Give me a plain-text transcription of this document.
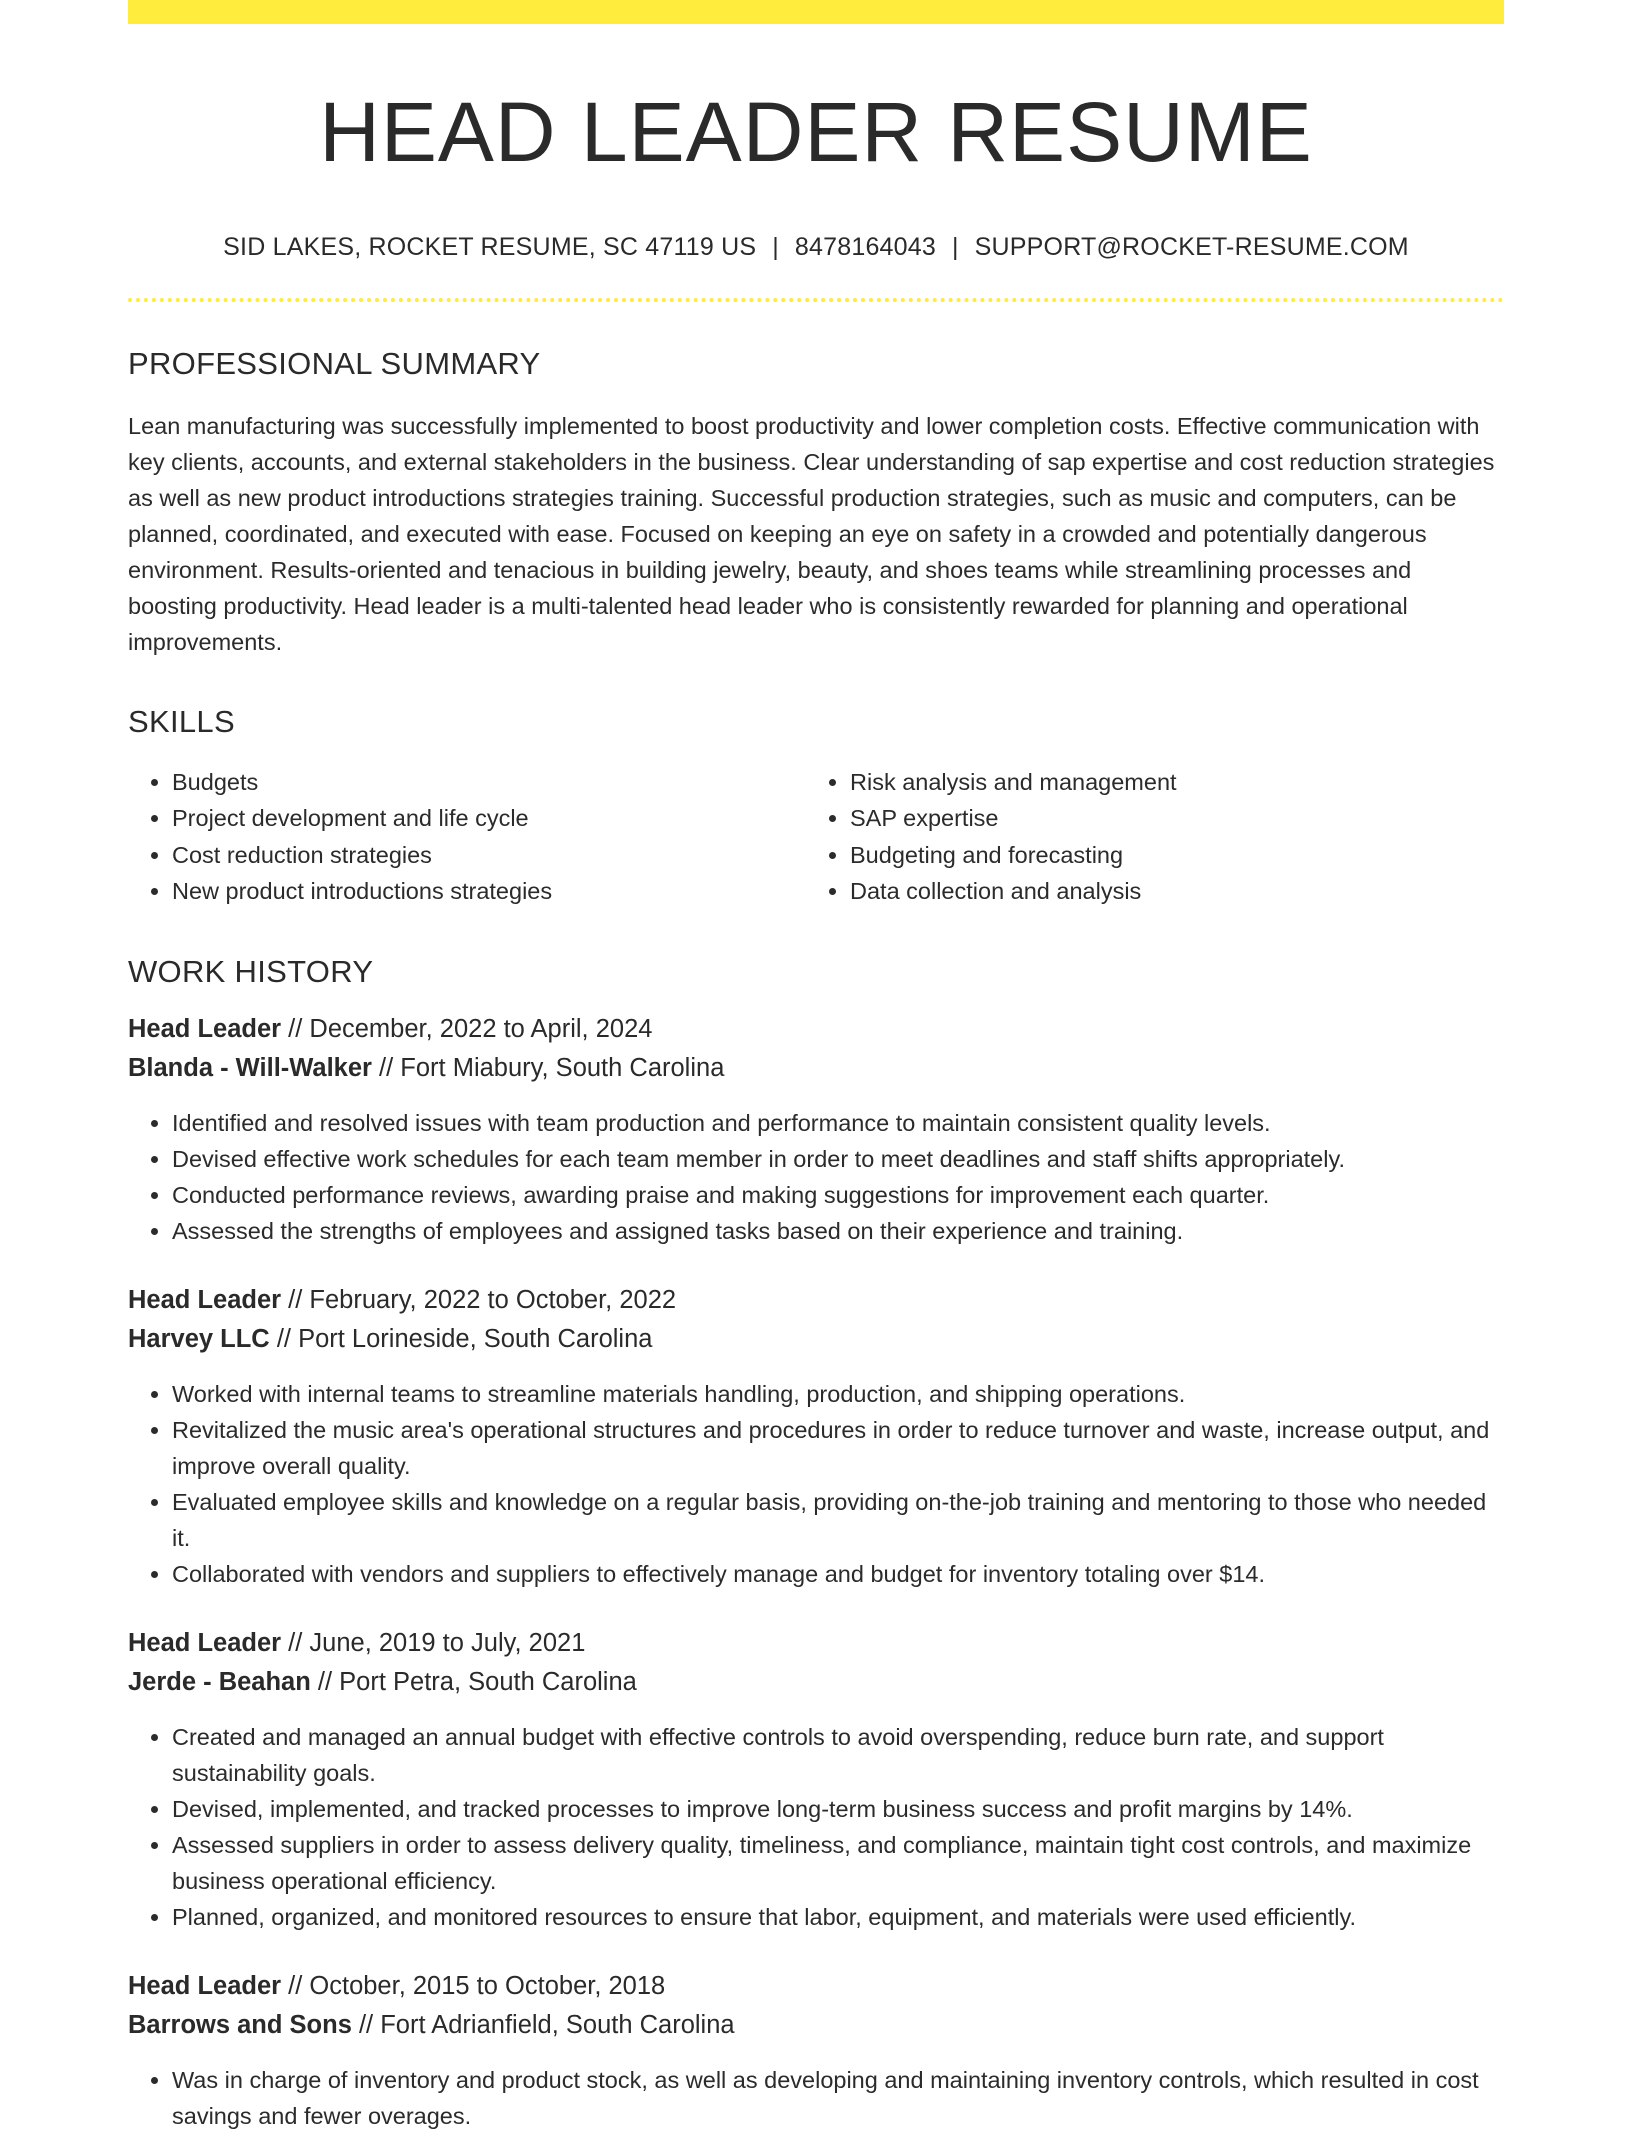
HEAD LEADER RESUME
SID LAKES, ROCKET RESUME, SC 47119 US | 8478164043 | SUPPORT@ROCKET-RESUME.COM
PROFESSIONAL SUMMARY

Lean manufacturing was successfully implemented to boost productivity and lower completion costs. Effective communication with key clients, accounts, and external stakeholders in the business. Clear understanding of sap expertise and cost reduction strategies as well as new product introductions strategies training. Successful production strategies, such as music and computers, can be planned, coordinated, and executed with ease. Focused on keeping an eye on safety in a crowded and potentially dangerous environment. Results-oriented and tenacious in building jewelry, beauty, and shoes teams while streamlining processes and boosting productivity. Head leader is a multi-talented head leader who is consistently rewarded for planning and operational improvements.

SKILLS
• Budgets
• Project development and life cycle
• Cost reduction strategies
• New product introductions strategies
• Risk analysis and management
• SAP expertise
• Budgeting and forecasting
• Data collection and analysis
WORK HISTORY
Head Leader // December, 2022 to April, 2024
Blanda - Will-Walker // Fort Miabury, South Carolina
• Identified and resolved issues with team production and performance to maintain consistent quality levels.
• Devised effective work schedules for each team member in order to meet deadlines and staff shifts appropriately.
• Conducted performance reviews, awarding praise and making suggestions for improvement each quarter.
• Assessed the strengths of employees and assigned tasks based on their experience and training.
Head Leader // February, 2022 to October, 2022
Harvey LLC // Port Lorineside, South Carolina
• Worked with internal teams to streamline materials handling, production, and shipping operations.
• Revitalized the music area's operational structures and procedures in order to reduce turnover and waste, increase output, and improve overall quality.
• Evaluated employee skills and knowledge on a regular basis, providing on-the-job training and mentoring to those who needed it.
• Collaborated with vendors and suppliers to effectively manage and budget for inventory totaling over $14.
Head Leader // June, 2019 to July, 2021
Jerde - Beahan // Port Petra, South Carolina
• Created and managed an annual budget with effective controls to avoid overspending, reduce burn rate, and support sustainability goals.
• Devised, implemented, and tracked processes to improve long-term business success and profit margins by 14%.
• Assessed suppliers in order to assess delivery quality, timeliness, and compliance, maintain tight cost controls, and maximize business operational efficiency.
• Planned, organized, and monitored resources to ensure that labor, equipment, and materials were used efficiently.
Head Leader // October, 2015 to October, 2018
Barrows and Sons // Fort Adrianfield, South Carolina
• Was in charge of inventory and product stock, as well as developing and maintaining inventory controls, which resulted in cost savings and fewer overages.
